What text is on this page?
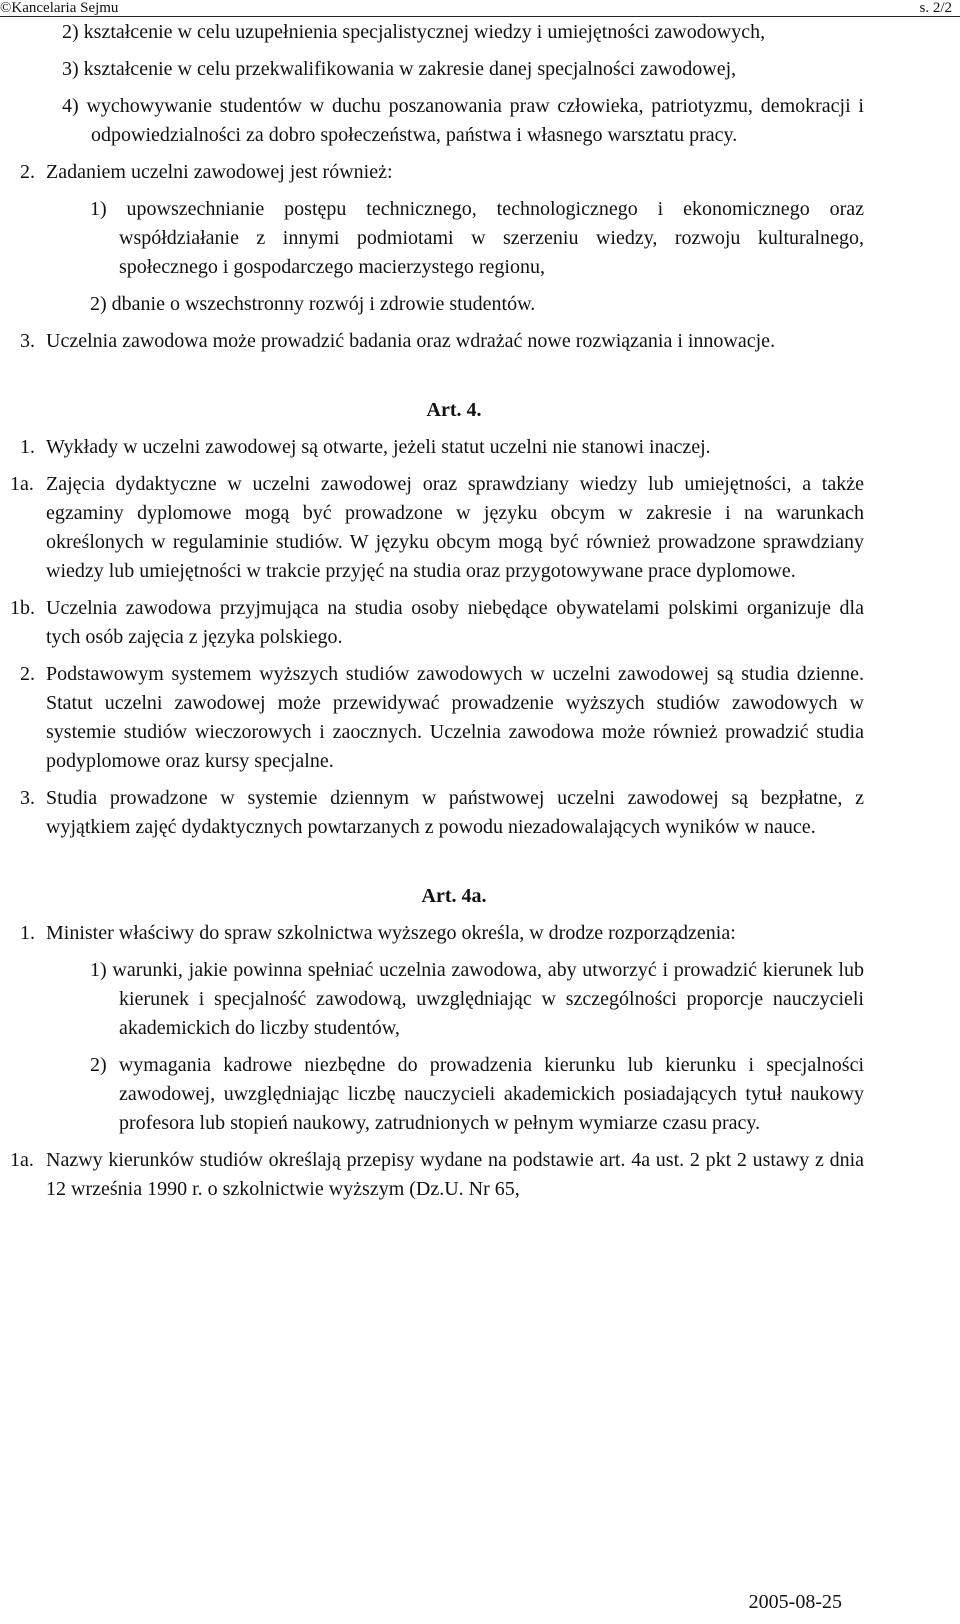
©Kancelaria Sejmu	s. 2/2
2) kształcenie w celu uzupełnienia specjalistycznej wiedzy i umiejętności zawodowych,
3) kształcenie w celu przekwalifikowania w zakresie danej specjalności zawodowej,
4) wychowywanie studentów w duchu poszanowania praw człowieka, patriotyzmu, demokracji i odpowiedzialności za dobro społeczeństwa, państwa i własnego warsztatu pracy.
2. Zadaniem uczelni zawodowej jest również:
1) upowszechnianie postępu technicznego, technologicznego i ekonomicznego oraz współdziałanie z innymi podmiotami w szerzeniu wiedzy, rozwoju kulturalnego, społecznego i gospodarczego macierzystego regionu,
2) dbanie o wszechstronny rozwój i zdrowie studentów.
3. Uczelnia zawodowa może prowadzić badania oraz wdrażać nowe rozwiązania i innowacje.
Art. 4.
1. Wykłady w uczelni zawodowej są otwarte, jeżeli statut uczelni nie stanowi inaczej.
1a. Zajęcia dydaktyczne w uczelni zawodowej oraz sprawdziany wiedzy lub umiejętności, a także egzaminy dyplomowe mogą być prowadzone w języku obcym w zakresie i na warunkach określonych w regulaminie studiów. W języku obcym mogą być również prowadzone sprawdziany wiedzy lub umiejętności w trakcie przyjęć na studia oraz przygotowywane prace dyplomowe.
1b. Uczelnia zawodowa przyjmująca na studia osoby niebędące obywatelami polskimi organizuje dla tych osób zajęcia z języka polskiego.
2. Podstawowym systemem wyższych studiów zawodowych w uczelni zawodowej są studia dzienne. Statut uczelni zawodowej może przewidywać prowadzenie wyższych studiów zawodowych w systemie studiów wieczorowych i zaocznych. Uczelnia zawodowa może również prowadzić studia podyplomowe oraz kursy specjalne.
3. Studia prowadzone w systemie dziennym w państwowej uczelni zawodowej są bezpłatne, z wyjątkiem zajęć dydaktycznych powtarzanych z powodu niezadowalających wyników w nauce.
Art. 4a.
1. Minister właściwy do spraw szkolnictwa wyższego określa, w drodze rozporządzenia:
1) warunki, jakie powinna spełniać uczelnia zawodowa, aby utworzyć i prowadzić kierunek lub kierunek i specjalność zawodową, uwzględniając w szczególności proporcje nauczycieli akademickich do liczby studentów,
2) wymagania kadrowe niezbędne do prowadzenia kierunku lub kierunku i specjalności zawodowej, uwzględniając liczbę nauczycieli akademickich posiadających tytuł naukowy profesora lub stopień naukowy, zatrudnionych w pełnym wymiarze czasu pracy.
1a. Nazwy kierunków studiów określają przepisy wydane na podstawie art. 4a ust. 2 pkt 2 ustawy z dnia 12 września 1990 r. o szkolnictwie wyższym (Dz.U. Nr 65,
2005-08-25
